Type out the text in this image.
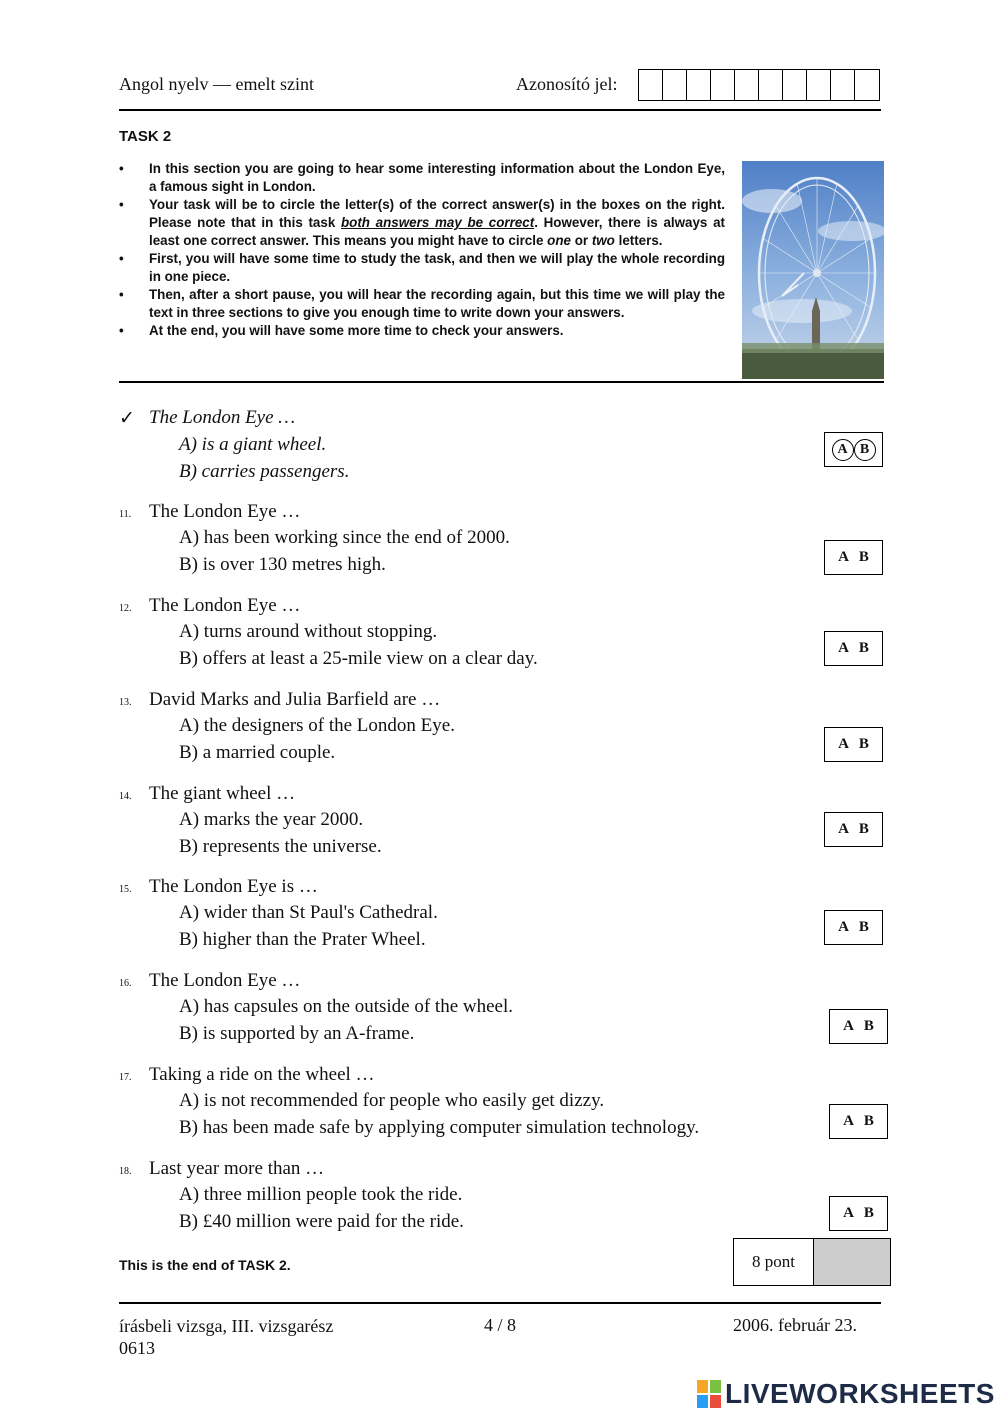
Angol nyelv — emelt szint	Azonosító jel:
TASK 2
• In this section you are going to hear some interesting information about the London Eye, a famous sight in London.
• Your task will be to circle the letter(s) of the correct answer(s) in the boxes on the right. Please note that in this task both answers may be correct. However, there is always at least one correct answer. This means you might have to circle one or two letters.
• First, you will have some time to study the task, and then we will play the whole recording in one piece.
• Then, after a short pause, you will hear the recording again, but this time we will play the text in three sections to give you enough time to write down your answers.
• At the end, you will have some more time to check your answers.
✓ The London Eye …
A) is a giant wheel.
B) carries passengers.
A B
11. The London Eye …
A) has been working since the end of 2000.
B) is over 130 metres high.	A B
12. The London Eye …
A) turns around without stopping.
B) offers at least a 25-mile view on a clear day.	A B
13. David Marks and Julia Barfield are …
A) the designers of the London Eye.
B) a married couple.	A B
14. The giant wheel …
A) marks the year 2000.
B) represents the universe.
A B
15. The London Eye is …
A) wider than St Paul's Cathedral.
B) higher than the Prater Wheel.
A B
16. The London Eye …
A) has capsules on the outside of the wheel.
B) is supported by an A-frame.	A B
17. Taking a ride on the wheel …
A) is not recommended for people who easily get dizzy.
B) has been made safe by applying computer simulation technology.	A B
18. Last year more than …
A) three million people took the ride.
B) £40 million were paid for the ride.	A B
This is the end of TASK 2.	8 pont
írásbeli vizsga, III. vizsgarész
0613
4 / 8	2006. február 23.
LIVEWORKSHEETS
